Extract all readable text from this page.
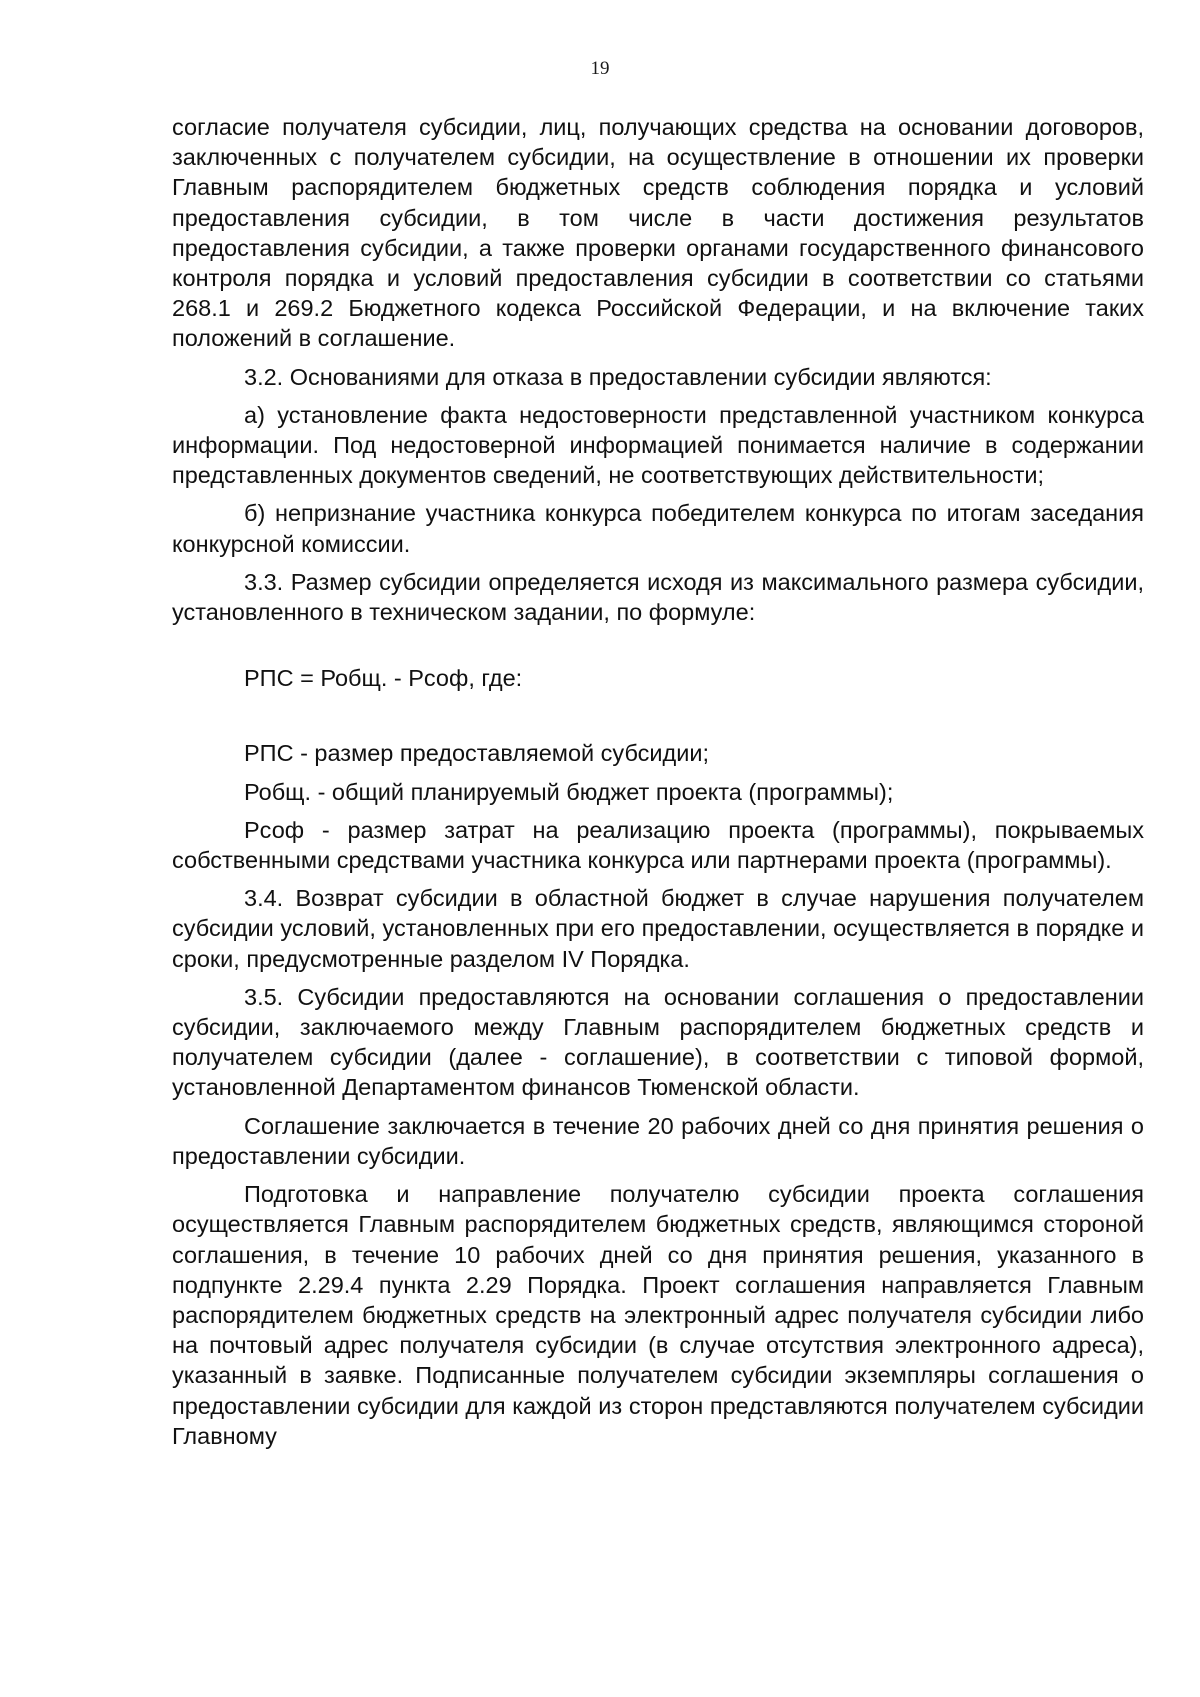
19

согласие получателя субсидии, лиц, получающих средства на основании договоров, заключенных с получателем субсидии, на осуществление в отношении их проверки Главным распорядителем бюджетных средств соблюдения порядка и условий предоставления субсидии, в том числе в части достижения результатов предоставления субсидии, а также проверки органами государственного финансового контроля порядка и условий предоставления субсидии в соответствии со статьями 268.1 и 269.2 Бюджетного кодекса Российской Федерации, и на включение таких положений в соглашение.

3.2. Основаниями для отказа в предоставлении субсидии являются:

а) установление факта недостоверности представленной участником конкурса информации. Под недостоверной информацией понимается наличие в содержании представленных документов сведений, не соответствующих действительности;

б) непризнание участника конкурса победителем конкурса по итогам заседания конкурсной комиссии.

3.3. Размер субсидии определяется исходя из максимального размера субсидии, установленного в техническом задании, по формуле:

РПС = Робщ. - Рсоф, где:

РПС - размер предоставляемой субсидии;

Робщ. - общий планируемый бюджет проекта (программы);

Рсоф - размер затрат на реализацию проекта (программы), покрываемых собственными средствами участника конкурса или партнерами проекта (программы).

3.4. Возврат субсидии в областной бюджет в случае нарушения получателем субсидии условий, установленных при его предоставлении, осуществляется в порядке и сроки, предусмотренные разделом IV Порядка.

3.5. Субсидии предоставляются на основании соглашения о предоставлении субсидии, заключаемого между Главным распорядителем бюджетных средств и получателем субсидии (далее - соглашение), в соответствии с типовой формой, установленной Департаментом финансов Тюменской области.

Соглашение заключается в течение 20 рабочих дней со дня принятия решения о предоставлении субсидии.

Подготовка и направление получателю субсидии проекта соглашения осуществляется Главным распорядителем бюджетных средств, являющимся стороной соглашения, в течение 10 рабочих дней со дня принятия решения, указанного в подпункте 2.29.4 пункта 2.29 Порядка. Проект соглашения направляется Главным распорядителем бюджетных средств на электронный адрес получателя субсидии либо на почтовый адрес получателя субсидии (в случае отсутствия электронного адреса), указанный в заявке. Подписанные получателем субсидии экземпляры соглашения о предоставлении субсидии для каждой из сторон представляются получателем субсидии Главному
